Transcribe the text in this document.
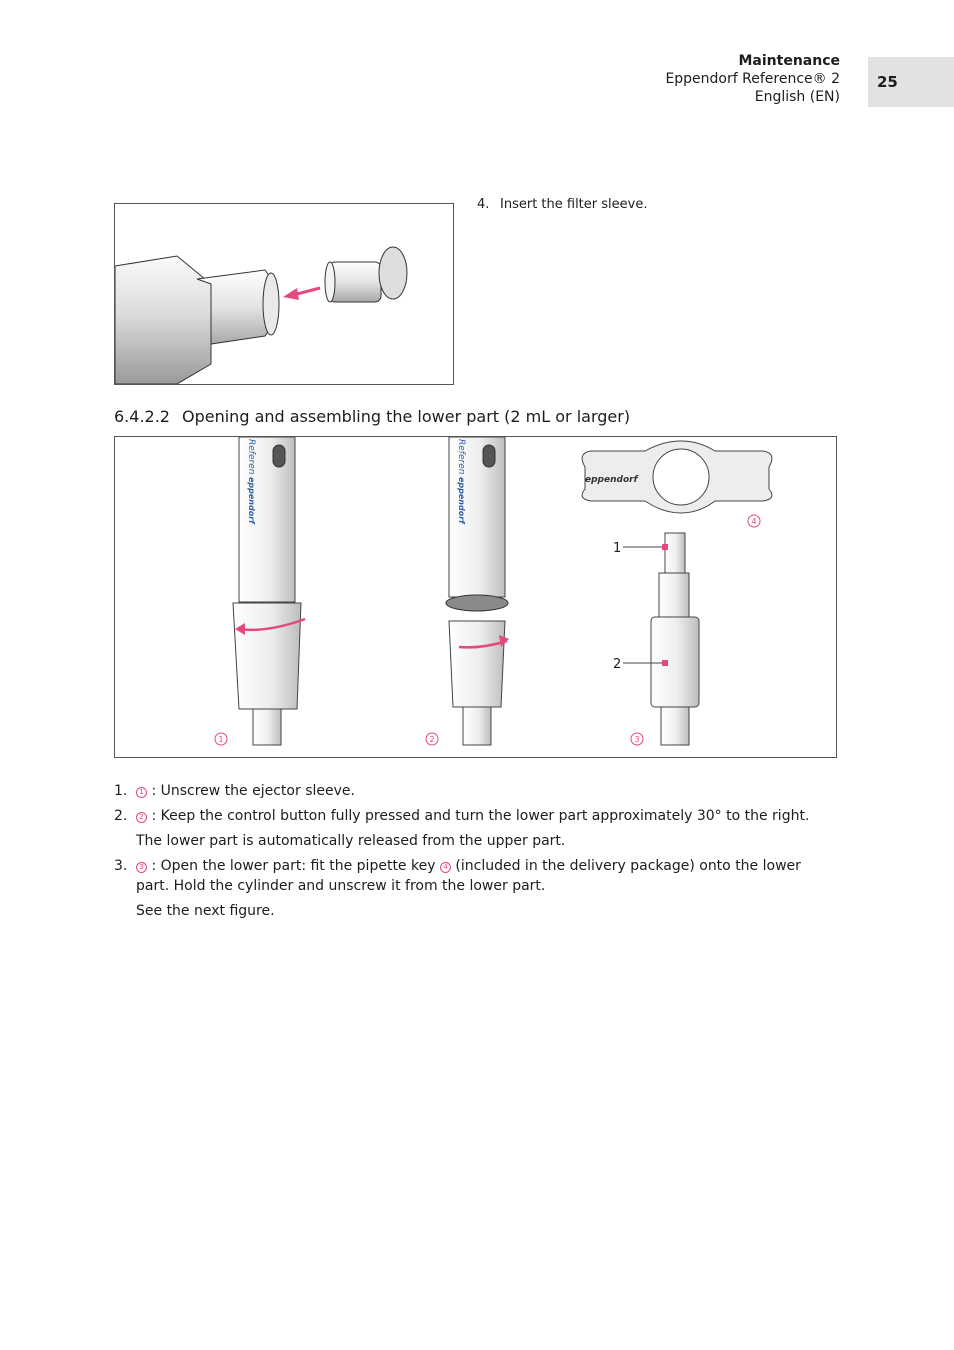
Maintenance
Eppendorf Reference® 2
English (EN)
25
4. Insert the filter sleeve.
6.4.2.2 Opening and assembling the lower part (2 mL or larger)
Referen
eppendorf
1
Referen
eppendorf
2
eppendorf
1
2
3
4
1. 1 : Unscrew the ejector sleeve.
2. 2 : Keep the control button fully pressed and turn the lower part approximately 30° to the right.
The lower part is automatically released from the upper part.
3. 3 : Open the lower part: fit the pipette key 4 (included in the delivery package) onto the lower part. Hold the cylinder and unscrew it from the lower part.
See the next figure.
